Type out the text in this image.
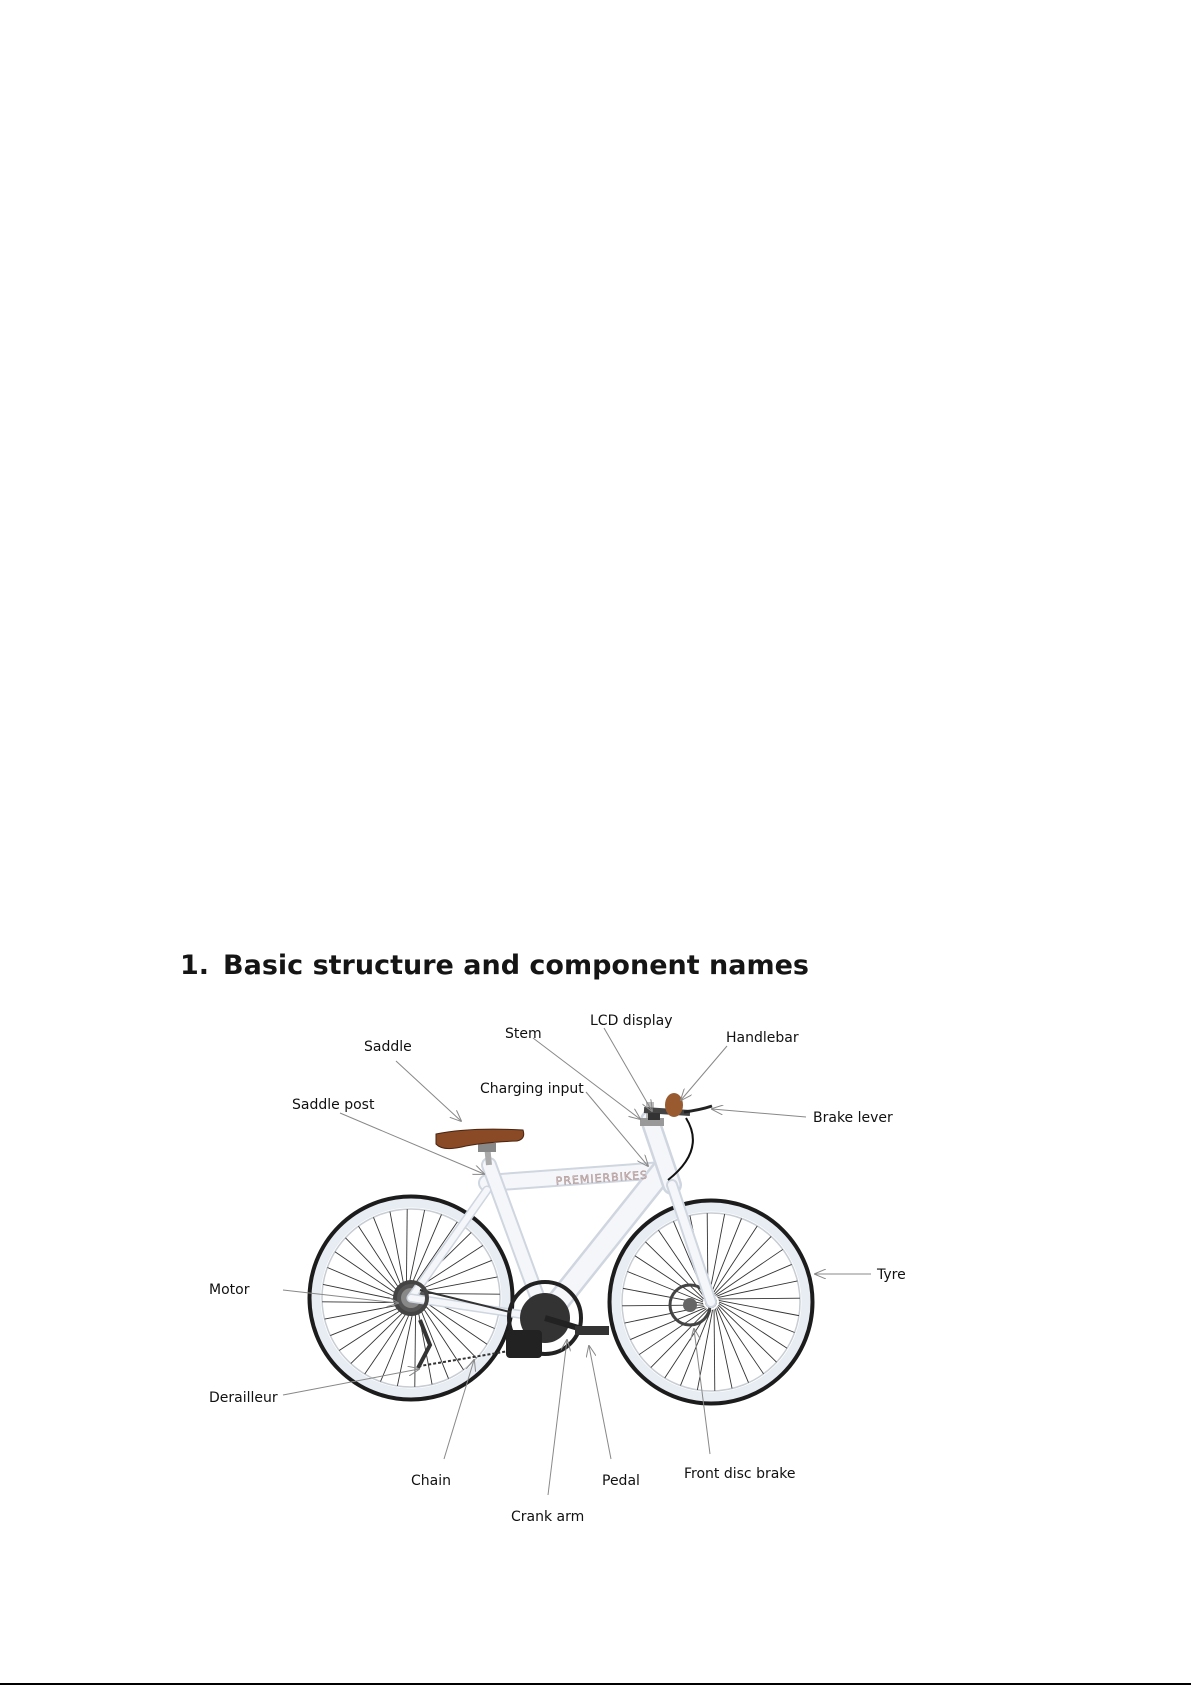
1. Basic structure and component names
PREMIERBIKES
Saddle
Saddle post
Stem
LCD display
Handlebar
Charging input
Brake lever
Motor
Tyre
Derailleur
Chain	Pedal	Front disc brake
Crank arm
